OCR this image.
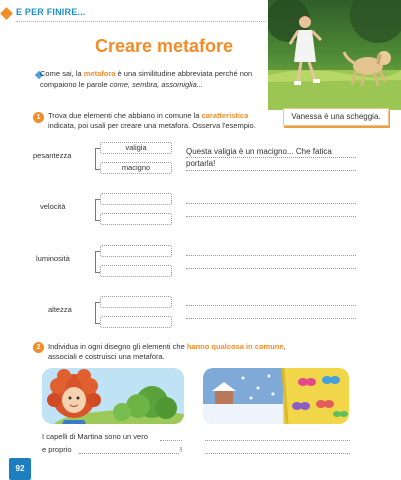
E PER FINIRE...
Creare metafore
Vanessa è una scheggia.
Come sai, la metafora è una similitudine abbreviata perché non compaiono le parole come, sembra, assomiglia...
1	Trova due elementi che abbiano in comune la caratteristica indicata, poi usali per creare una metafora. Osserva l'esempio.
pesantezza
valigia
macigno
Questa valigia è un macigno... Che fatica
portarla!
velocità
luminosità
altezza
2	Individua in ogni disegno gli elementi che hanno qualcosa in comune, associali e costruisci una metafora.
I capelli di Martina sono un vero
e proprio	!
92
